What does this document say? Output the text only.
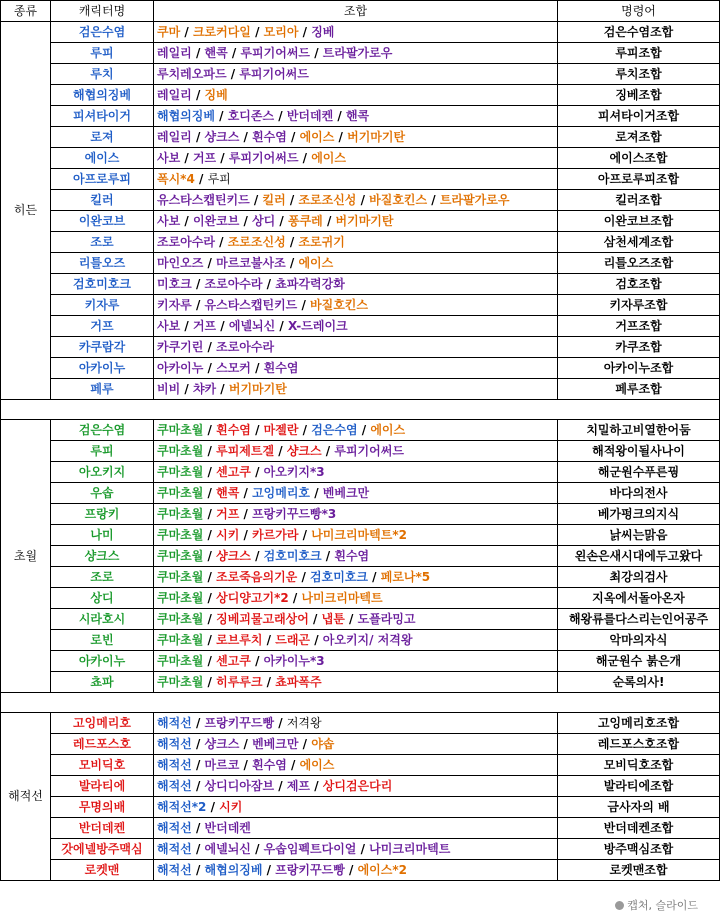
종류	캐릭터명	조합	명령어
히든	검은수염	쿠마 / 크로커다일 / 모리아 / 징베	검은수염조합
	루피	레일리 / 핸콕 / 루피기어써드 / 트라팔가로우	루피조합
	루치	루치레오파드 / 루피기어써드	루치조합
	해협의징베	레일리 / 징베	징베조합
	피셔타이거	해협의징베 / 호디존스 / 반더데켄 / 핸콕	피셔타이거조합
	로져	레일리 / 샹크스 / 흰수염 / 에이스 / 버기마기탄	로져조합
	에이스	사보 / 거프 / 루피기어써드 / 에이스	에이스조합
	아프로루피	폭시*4 / 루피	아프로루피조합
	킬러	유스타스캡틴키드 / 킬러 / 조로조신성 / 바질호킨스 / 트라팔가로우	킬러조합
	이완코브	사보 / 이완코브 / 상디 / 퐁쿠레 / 버기마기탄	이완코브조합
	조로	조로아수라 / 조로조신성 / 조로귀기	삼천세계조합
	리틀오즈	마인오즈 / 마르코불사조 / 에이스	리틀오즈조합
	검호미호크	미호크 / 조로아수라 / 쵸파각력강화	검호조합
	키자루	키자루 / 유스타스캡틴키드 / 바질호킨스	키자루조합
	거프	사보 / 거프 / 에넬뇌신 / X-드레이크	거프조합
	카쿠람각	카쿠기린 / 조로아수라	카쿠조합
	아카이누	아카이누 / 스모커 / 흰수염	아카이누조합
	페루	비비 / 챠카 / 버기마기탄	페루조합

초월	검은수염	쿠마초월 / 흰수염 / 마젤란 / 검은수염 / 에이스	치밀하고비열한어둠
	루피	쿠마초월 / 루피제트겔 / 샹크스 / 루피기어써드	해적왕이될사나이
	아오키지	쿠마초월 / 센고쿠 / 아오키지*3	해군원수푸른꿩
	우솝	쿠마초월 / 핸콕 / 고잉메리호 / 벤베크만	바다의전사
	프랑키	쿠마초월 / 거프 / 프랑키꾸드빵*3	베가펑크의지식
	나미	쿠마초월 / 시키 / 카르가라 / 나미크리마텍트*2	낡씨는맑음
	샹크스	쿠마초월 / 샹크스 / 검호미호크 / 흰수염	왼손은새시대에두고왔다
	조로	쿠마초월 / 조로죽음의기운 / 검호미호크 / 페로나*5	최강의검사
	상디	쿠마초월 / 상디양고기*2 / 나미크리마텍트	지옥에서돌아온자
	시라호시	쿠마초월 / 징베괴물고래상어 / 냅툰 / 도플라밍고	해왕류를다스리는인어공주
	로빈	쿠마초월 / 로브루치 / 드래곤 / 아오키지/ 저격왕	악마의자식
	아카이누	쿠마초월 / 센고쿠 / 아카이누*3	해군원수 붉은개
	쵸파	쿠마초월 / 히루루크 / 쵸파폭주	순록의사!

해적선	고잉메리호	해적선 / 프랑키꾸드빵 / 저격왕	고잉메리호조합
	레드포스호	해적선 / 샹크스 / 벤베크만 / 야솝	레드포스호조합
	모비딕호	해적선 / 마르코 / 흰수염 / 에이스	모비딕호조합
	발라티에	해적선 / 상디디아잠브 / 제프 / 상디검은다리	발라티에조합
	무명의배	해적선*2 / 시키	금사자의 배
	반더데켄	해적선 / 반더데켄	반더데켄조합
	갓에넬방주맥심	해적선 / 에넬뇌신 / 우솝임펙트다이얼 / 나미크리마텍트	방주맥심조합
	로켓맨	해적선 / 해협의징베 / 프랑키꾸드빵 / 에이스*2	로켓맨조합
캡처, 슬라이드
